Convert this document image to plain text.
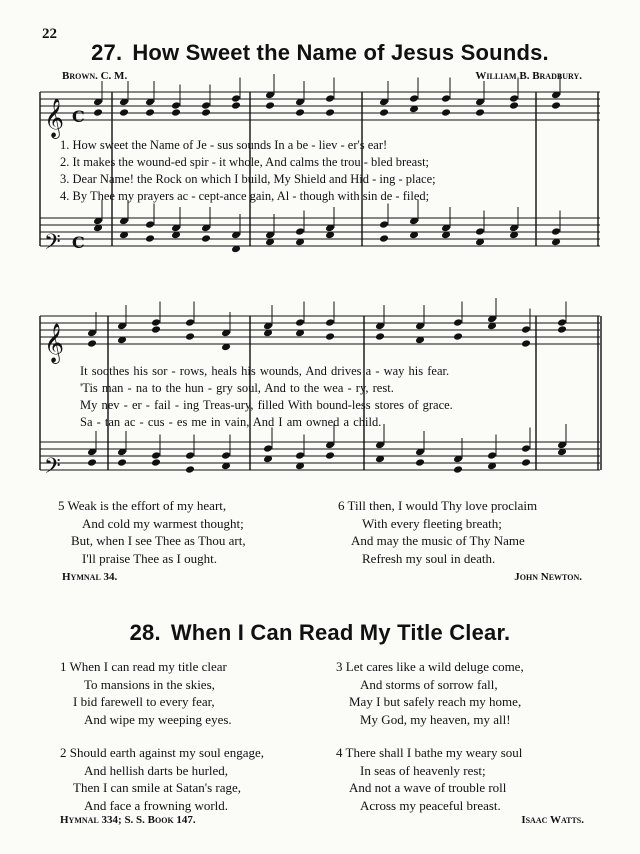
22
27. How Sweet the Name of Jesus Sounds.
Brown. C. M.	William B. Bradbury.
𝄞
𝄢
𝄞
𝄢
C
C
1. How sweet the Name of Je - sus sounds In a be - liev - er's ear!
2. It makes the wound-ed spir - it whole, And calms the trou - bled breast;
3. Dear Name! the Rock on which I build, My Shield and Hid - ing - place;
4. By Thee my prayers ac - cept-ance gain, Al - though with sin de - filed;
It soothes his sor - rows, heals his wounds, And drives a - way his fear.
'Tis man - na to the hun - gry soul, And to the wea - ry, rest.
My nev - er - fail - ing Treas-ury, filled With bound-less stores of grace.
Sa - tan ac - cus - es me in vain, And I am owned a child.
5 Weak is the effort of my heart,
And cold my warmest thought;
But, when I see Thee as Thou art,
I'll praise Thee as I ought.
6 Till then, I would Thy love proclaim
With every fleeting breath;
And may the music of Thy Name
Refresh my soul in death.
Hymnal 34.	John Newton.
28. When I Can Read My Title Clear.
1 When I can read my title clear
To mansions in the skies,
I bid farewell to every fear,
And wipe my weeping eyes.
3 Let cares like a wild deluge come,
And storms of sorrow fall,
May I but safely reach my home,
My God, my heaven, my all!
2 Should earth against my soul engage,
And hellish darts be hurled,
Then I can smile at Satan's rage,
And face a frowning world.
4 There shall I bathe my weary soul
In seas of heavenly rest;
And not a wave of trouble roll
Across my peaceful breast.
Hymnal 334; S. S. Book 147.	Isaac Watts.
